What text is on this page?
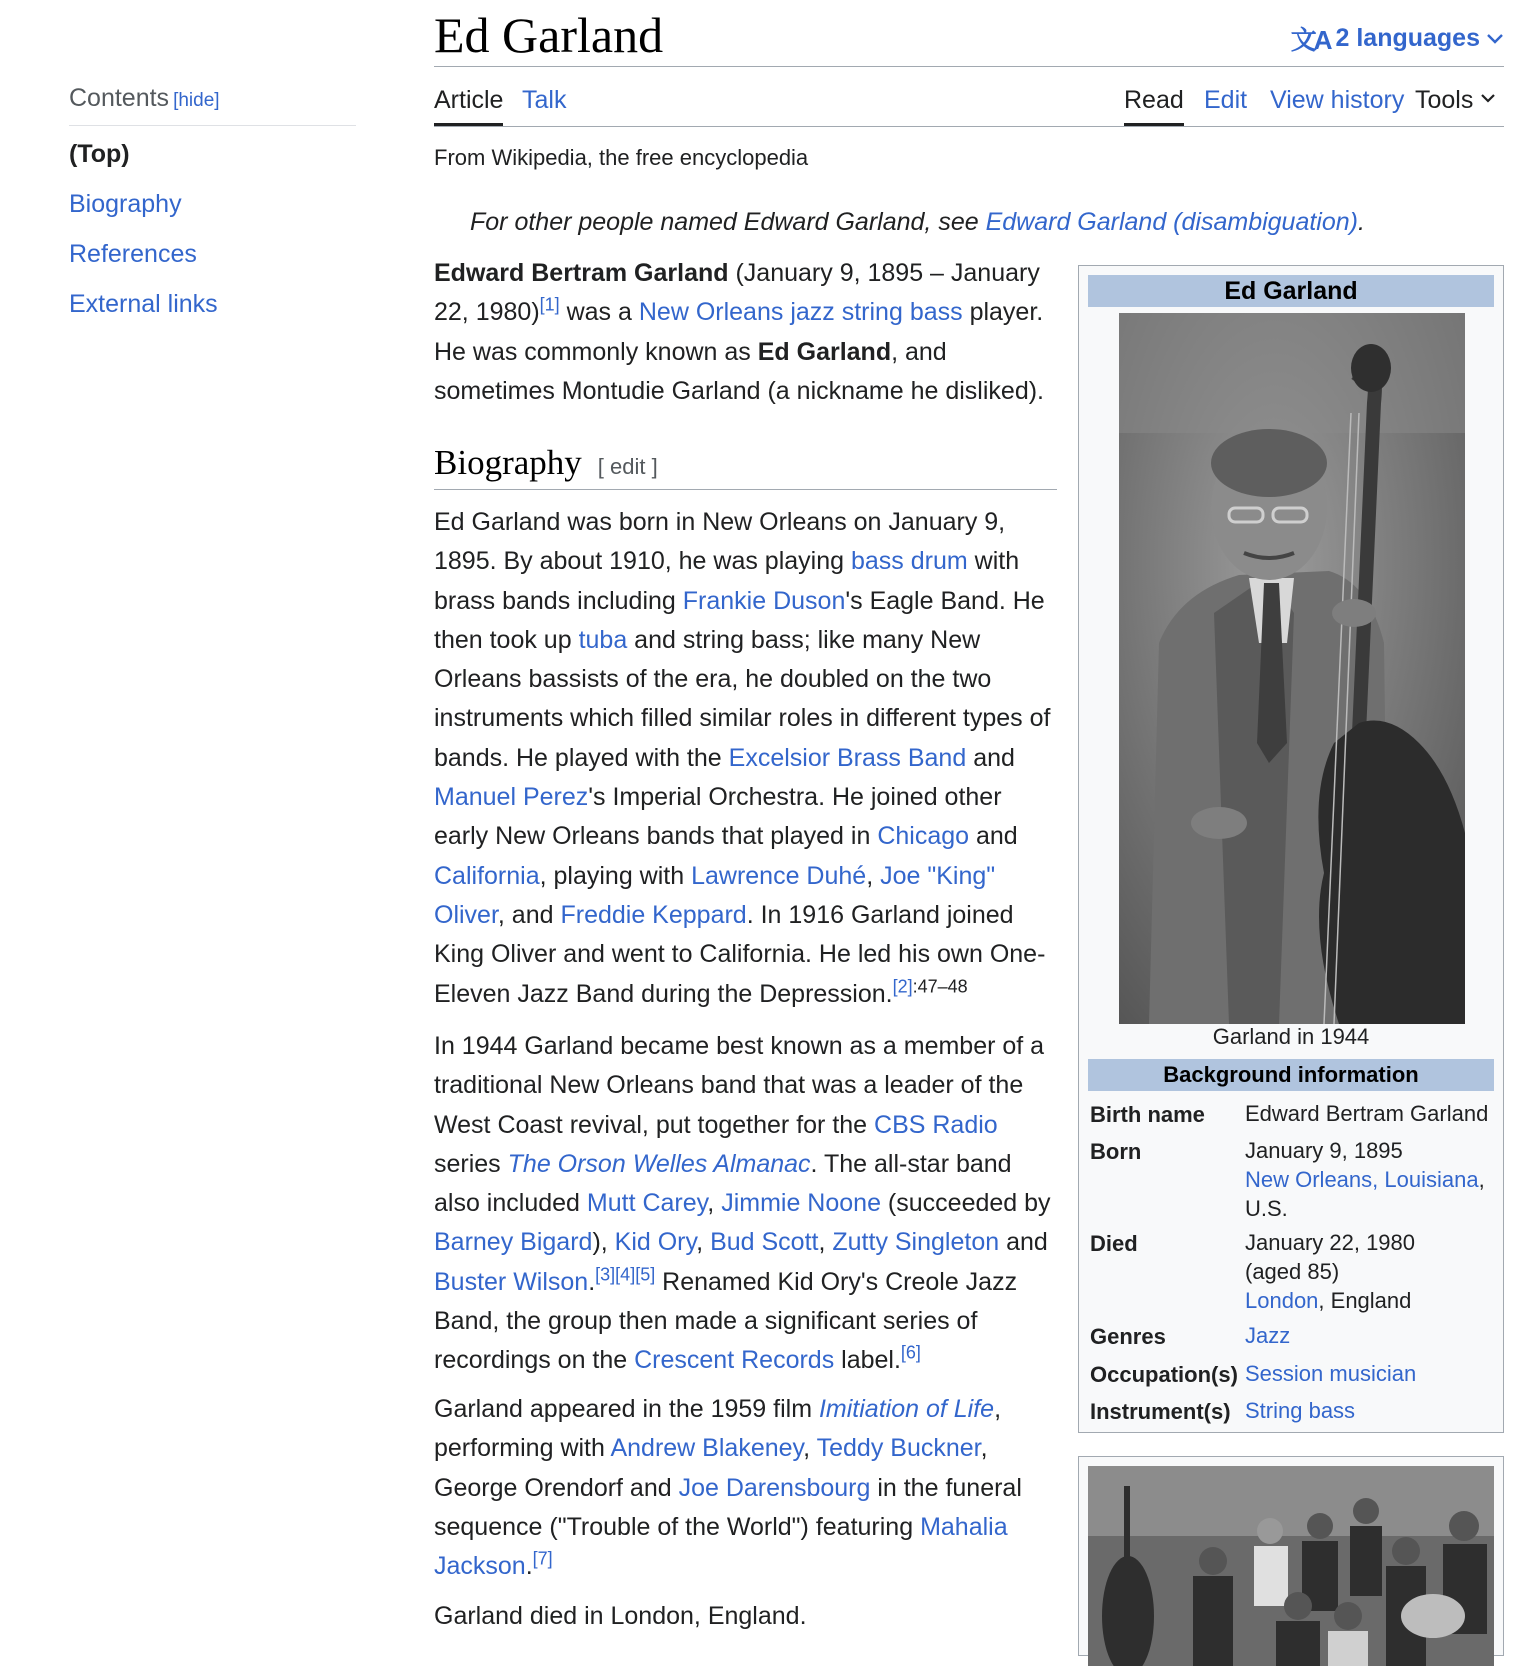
Contents [hide]
(Top)
Biography
References
External links
Ed Garland	文A 2 languages
Article Talk	Read Edit View history Tools
From Wikipedia, the free encyclopedia
For other people named Edward Garland, see Edward Garland (disambiguation).

Edward Bertram Garland (January 9, 1895 – January 22, 1980)[1] was a New Orleans jazz string bass player. He was commonly known as Ed Garland, and sometimes Montudie Garland (a nickname he disliked).

Biography [ edit ]

Ed Garland was born in New Orleans on January 9, 1895. By about 1910, he was playing bass drum with brass bands including Frankie Duson's Eagle Band. He then took up tuba and string bass; like many New Orleans bassists of the era, he doubled on the two instruments which filled similar roles in different types of bands. He played with the Excelsior Brass Band and Manuel Perez's Imperial Orchestra. He joined other early New Orleans bands that played in Chicago and California, playing with Lawrence Duhé, Joe "King" Oliver, and Freddie Keppard. In 1916 Garland joined King Oliver and went to California. He led his own One-Eleven Jazz Band during the Depression.$^{[2]:47-48}$

In 1944 Garland became best known as a member of a traditional New Orleans band that was a leader of the West Coast revival, put together for the CBS Radio series The Orson Welles Almanac. The all-star band also included Mutt Carey, Jimmie Noone (succeeded by Barney Bigard), Kid Ory, Bud Scott, Zutty Singleton and Buster Wilson.[3][4][5] Renamed Kid Ory's Creole Jazz Band, the group then made a significant series of recordings on the Crescent Records label.[6]

Garland appeared in the 1959 film Imitiation of Life, performing with Andrew Blakeney, Teddy Buckner, George Orendorf and Joe Darensbourg in the funeral sequence ("Trouble of the World") featuring Mahalia Jackson.[7]

Garland died in London, England.

Ed Garland
Garland in 1944
Background information
Birth name Edward Bertram Garland
Born	January 9, 1895
New Orleans, Louisiana,
U.S.
Died	January 22, 1980
(aged 85)
London, England
Genres	Jazz
Occupation(s) Session musician
Instrument(s) String bass
